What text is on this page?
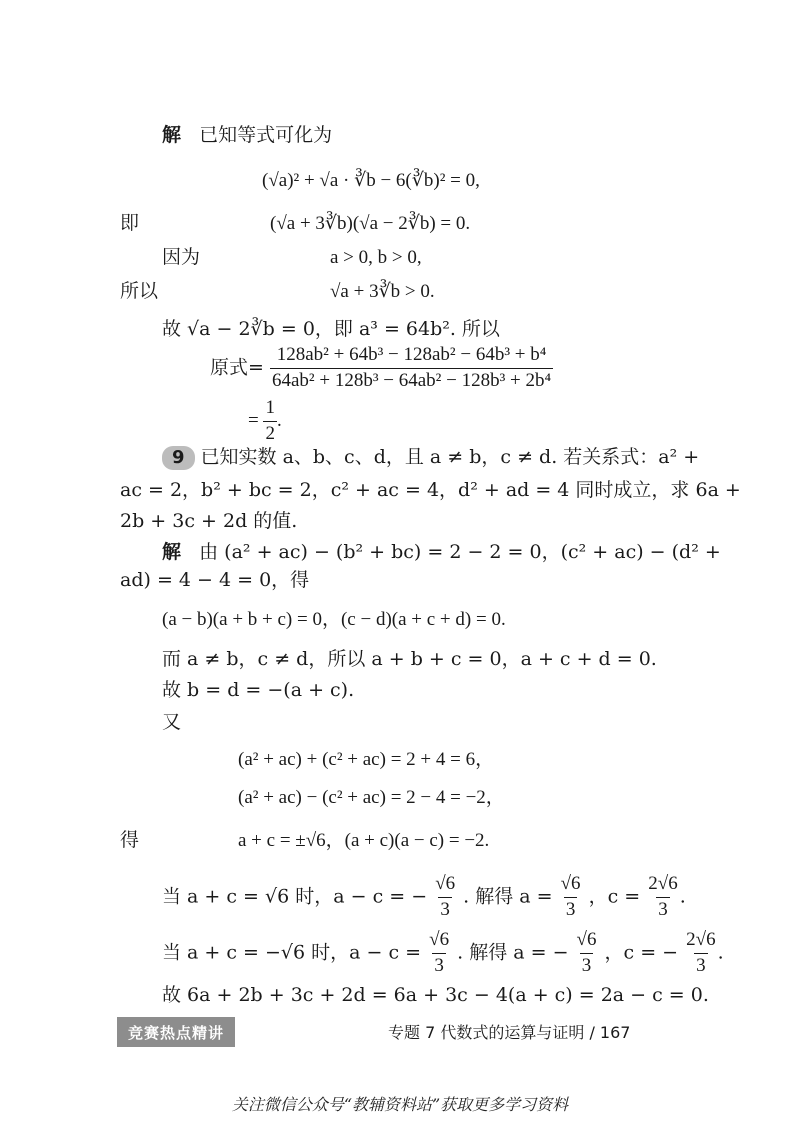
解 已知等式可化为
(√a)² + √a · ∛b − 6(∛b)² = 0,
即	(√a + 3∛b)(√a − 2∛b) = 0.
因为	a > 0, b > 0,
所以	√a + 3∛b > 0.
故 √a − 2∛b = 0，即 a³ = 64b². 所以
原式= $\frac{\text{128ab² + 64b³ − 128ab² − 64b³ + b⁴}}{\text{64ab² + 128b³ − 64ab² − 128b³ + 2b⁴}}$
= $\frac{1}{2}$ .
9 已知实数 a、b、c、d，且 a ≠ b，c ≠ d. 若关系式：a² +
ac = 2，b² + bc = 2，c² + ac = 4，d² + ad = 4 同时成立，求 6a +
2b + 3c + 2d 的值.
解 由 (a² + ac) − (b² + bc) = 2 − 2 = 0，(c² + ac) − (d² +
ad) = 4 − 4 = 0，得
(a − b)(a + b + c) = 0，(c − d)(a + c + d) = 0.
而 a ≠ b，c ≠ d，所以 a + b + c = 0，a + c + d = 0.
故 b = d = −(a + c).
又
(a² + ac) + (c² + ac) = 2 + 4 = 6，
(a² + ac) − (c² + ac) = 2 − 4 = −2，
得	a + c = ±√6，(a + c)(a − c) = −2.
当 a + c = √6 时，a − c = − $\frac{√6}{3}$ . 解得 $a = \frac{√6}{3}$ ，$c = \frac{2√6}{3}$ .
当 a + c = −√6 时，$a - c = \frac{√6}{3}$ . 解得 a = − $\frac{√6}{3}$ ，c = − $\frac{2√6}{3}$ .
故 6a + 2b + 3c + 2d = 6a + 3c − 4(a + c) = 2a − c = 0.
竞赛热点精讲	专题 7 代数式的运算与证明 / 167
关注微信公众号“教辅资料站”获取更多学习资料
